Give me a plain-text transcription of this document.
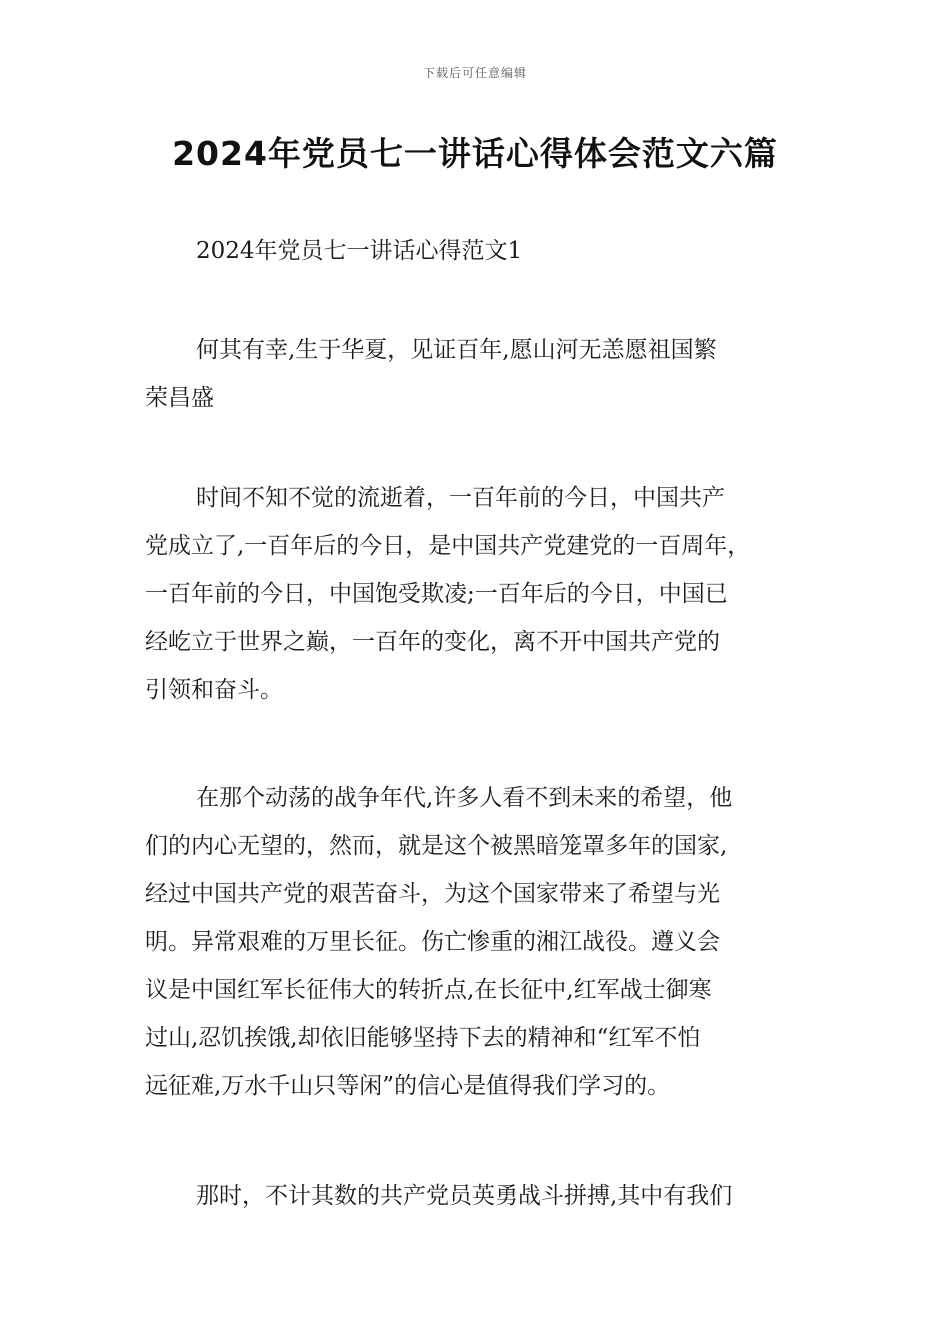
下载后可任意编辑
2024年党员七一讲话心得体会范文六篇
2024年党员七一讲话心得范文1
何其有幸,生于华夏，见证百年,愿山河无恙愿祖国繁
荣昌盛
时间不知不觉的流逝着，一百年前的今日，中国共产
党成立了,一百年后的今日，是中国共产党建党的一百周年，
一百年前的今日，中国饱受欺凌;一百年后的今日，中国已
经屹立于世界之巅，一百年的变化，离不开中国共产党的
引领和奋斗。
在那个动荡的战争年代,许多人看不到未来的希望，他
们的内心无望的，然而，就是这个被黑暗笼罩多年的国家,
经过中国共产党的艰苦奋斗，为这个国家带来了希望与光
明。异常艰难的万里长征。伤亡惨重的湘江战役。遵义会
议是中国红军长征伟大的转折点,在长征中,红军战士御寒
过山,忍饥挨饿,却依旧能够坚持下去的精神和“红军不怕
远征难,万水千山只等闲”的信心是值得我们学习的。
那时，不计其数的共产党员英勇战斗拼搏,其中有我们
